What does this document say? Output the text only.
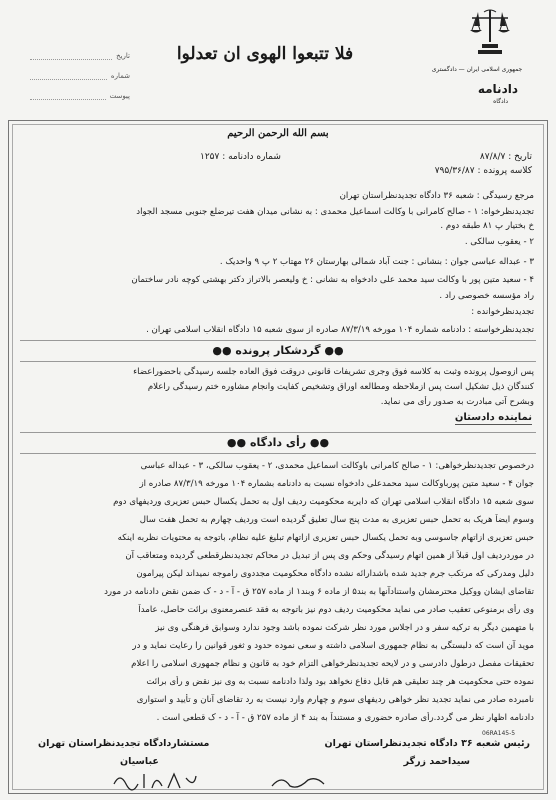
جمهوری اسلامی ایران — دادگستری
دادنامه
دادگاه
فلا تتبعوا الهوی ان تعدلوا
تاریخ
شماره
پیوست
بسم الله الرحمن الرحیم
تاریخ : ۸۷/۸/۷
کلاسه پرونده : ۷۹۵/۳۶/۸۷
شماره دادنامه : ۱۲۵۷
مرجع رسیدگی : شعبه ۳۶ دادگاه تجدیدنظراستان تهران
تجدیدنظرخواه: ۱ - صالح کامرانی با وکالت اسماعیل محمدی : به نشانی میدان هفت تیرضلع جنوبی مسجد الجواد
خ بختیار پ ۸۱ طبقه دوم .
۲ - یعقوب سالکی .
۳ - عبداله عباسی جوان : بنشانی : جنت آباد شمالی بهارستان ۲۶ مهتاب ۲ پ ۹ واحدیک .
۴ - سعید متین پور با وکالت سید محمد علی دادخواه به نشانی : خ ولیعصر بالاتراز دکتر بهشتی کوچه نادر ساختمان
راد مؤسسه خصوصی راد .
تجدیدنظرخوانده :
تجدیدنظرخواسته : دادنامه شماره ۱۰۴ مورخه ۸۷/۳/۱۹ صادره از سوی شعبه ۱۵ دادگاه انقلاب اسلامی تهران .
●● گردشکار پرونده ●●
پس ازوصول پرونده وثبت به کلاسه فوق وجری تشریفات قانونی دروقت فوق العاده جلسه رسیدگی باحضوراعضاء
کنندگان ذیل تشکیل است پس ازملاحظه ومطالعه اوراق وتشخیص کفایت وانجام مشاوره ختم رسیدگی راعلام
وبشرح آتی مبادرت به صدور رأی می نماید.
نماینده دادستان
●● رأی دادگاه ●●
درخصوص تجدیدنظرخواهی: ۱ - صالح کامرانی باوکالت اسماعیل محمدی، ۲ - یعقوب سالکی، ۳ - عبداله عباسی
جوان ۴ - سعید متین پورباوکالت سید محمدعلی دادخواه نسبت به دادنامه بشماره ۱۰۴ مورخه ۸۷/۳/۱۹ صادره از
سوی شعبه ۱۵ دادگاه انقلاب اسلامی تهران که دایربه محکومیت ردیف اول به تحمل یکسال حبس تعزیری وردیفهای دوم
وسوم ایضاً هریک به تحمل حبس تعزیری به مدت پنج سال تعلیق گردیده است وردیف چهارم به تحمل هفت سال
حبس تعزیری ازاتهام جاسوسی وبه تحمل یکسال حبس تعزیری ازاتهام تبلیغ علیه نظام، باتوجه به محتویات نظربه اینکه
در موردردیف اول قبلاً از همین اتهام رسیدگی وحکم وی پس از تبدیل در محاکم تجدیدنظرقطعی گردیده ومتعاقب آن
دلیل ومدرکی که مرتکب جرم جدید شده باشدارائه نشده دادگاه محکومیت مجددوی راموجه نمیداند لیکن پیرامون
تقاضای ایشان ووکیل محترمشان واستنادآنها به بند۵ از ماده ۶ وبند۱ از ماده ۲۵۷ ق - آ - د - ک ضمن نقض دادنامه در مورد
وی رأی برمنوعی تعقیب صادر می نماید محکومیت ردیف دوم نیز باتوجه به فقد عنصرمعنوی برائت حاصل، عامداً
با متهمین دیگر به ترکیه سفر و در اجلاس مورد نظر شرکت نموده باشد وجود ندارد وسوابق فرهنگی وی نیز
موید آن است که دلبستگی به نظام جمهوری اسلامی داشته و سعی نموده حدود و ثغور قوانین را رعایت نماید و در
تحقیقات مفصل درطول دادرسی و در لایحه تجدیدنظرخواهی التزام خود به قانون و نظام جمهوری اسلامی را اعلام
نموده حتی محکومیت هر چند تعلیقی هم قابل دفاع نخواهد بود ولذا دادنامه نسبت به وی نیز نقض و رأی برائت
نامبرده صادر می نماید تجدید نظر خواهی ردیفهای سوم و چهارم وارد نیست به رد تقاضای آنان و تأیید و استواری
دادنامه اظهار نظر می گردد.رأی صادره حضوری و مستنداً به بند ۴ از ماده ۲۵۷ ق - آ - د - ک قطعی است .
06RA145-5
رئیس شعبه ۳۶ دادگاه تجدیدنظراستان تهران
سیداحمد زرگر
مستشاردادگاه تجدیدنظراستان تهران
عباسیان
